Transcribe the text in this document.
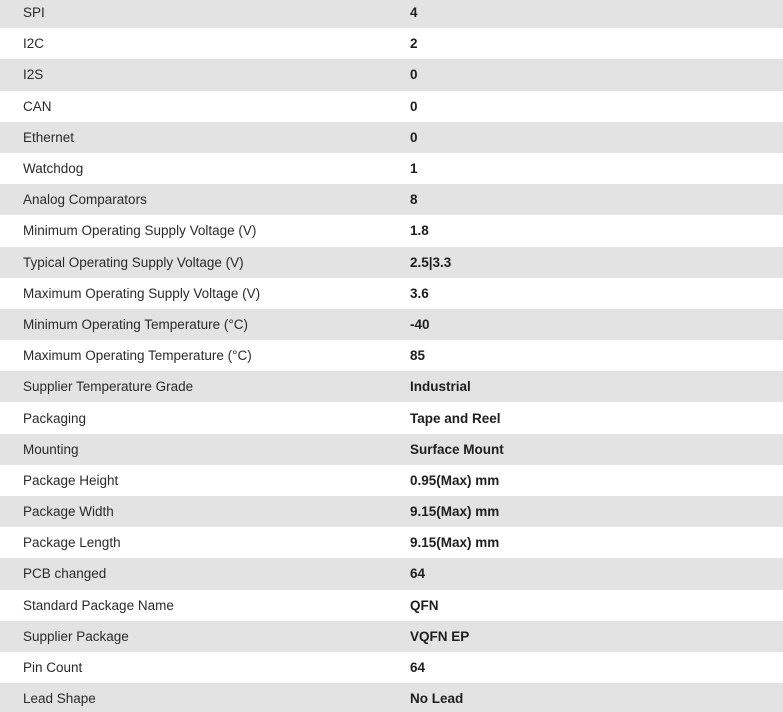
SPI	4
I2C	2
I2S	0
CAN	0
Ethernet	0
Watchdog	1
Analog Comparators	8
Minimum Operating Supply Voltage (V)	1.8
Typical Operating Supply Voltage (V)	2.5|3.3
Maximum Operating Supply Voltage (V)	3.6
Minimum Operating Temperature (°C)	-40
Maximum Operating Temperature (°C)	85
Supplier Temperature Grade	Industrial
Packaging	Tape and Reel
Mounting	Surface Mount
Package Height	0.95(Max) mm
Package Width	9.15(Max) mm
Package Length	9.15(Max) mm
PCB changed	64
Standard Package Name	QFN
Supplier Package	VQFN EP
Pin Count	64
Lead Shape	No Lead
